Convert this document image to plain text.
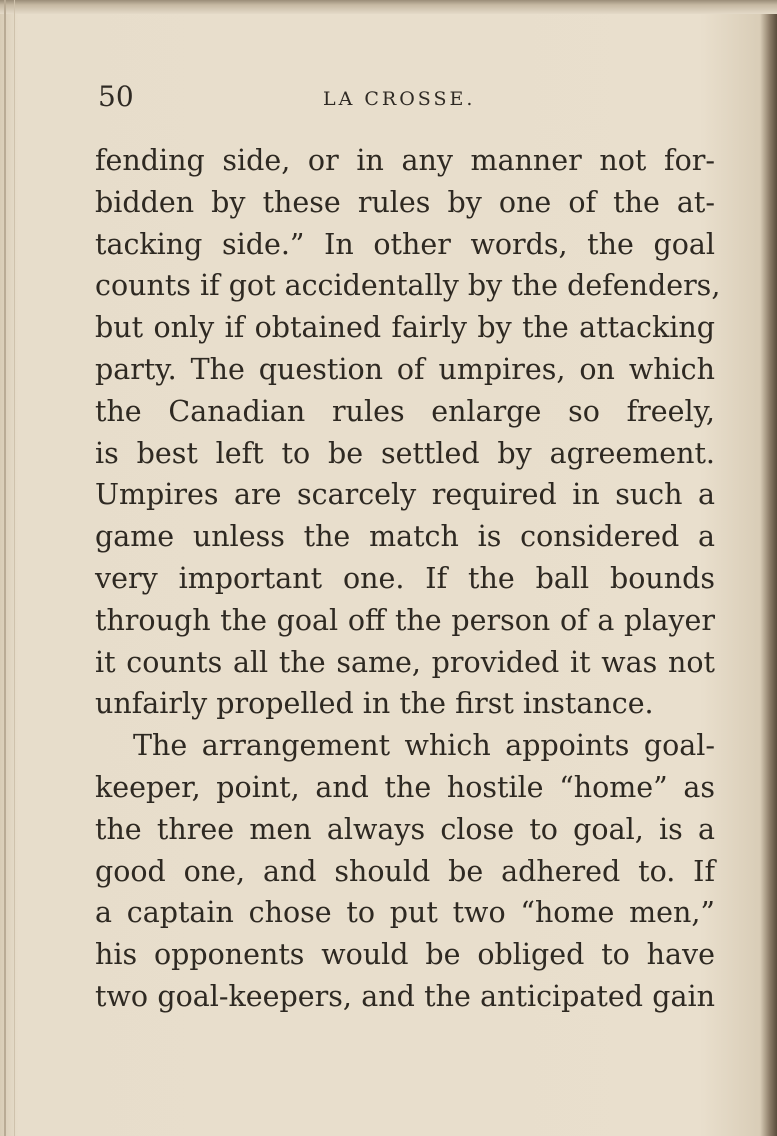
50	LA CROSSE.
fending side, or in any manner not for-
bidden by these rules by one of the at-
tacking side.” In other words, the goal
counts if got accidentally by the defenders,
but only if obtained fairly by the attacking
party. The question of umpires, on which
the Canadian rules enlarge so freely,
is best left to be settled by agreement.
Umpires are scarcely required in such a
game unless the match is considered a
very important one. If the ball bounds
through the goal off the person of a player
it counts all the same, provided it was not
unfairly propelled in the first instance.
The arrangement which appoints goal-
keeper, point, and the hostile “home” as
the three men always close to goal, is a
good one, and should be adhered to. If
a captain chose to put two “home men,”
his opponents would be obliged to have
two goal-keepers, and the anticipated gain
